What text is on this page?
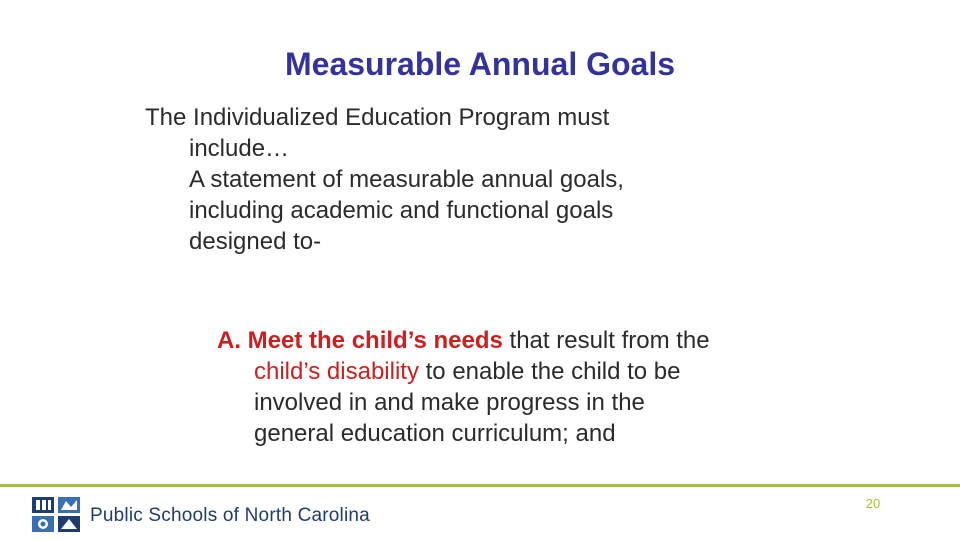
Measurable Annual Goals
The Individualized Education Program must
include…
A statement of measurable annual goals,
including academic and functional goals
designed to-
A. Meet the child’s needs that result from the
child’s disability to enable the child to be
involved in and make progress in the
general education curriculum; and
Public Schools of North Carolina
20
